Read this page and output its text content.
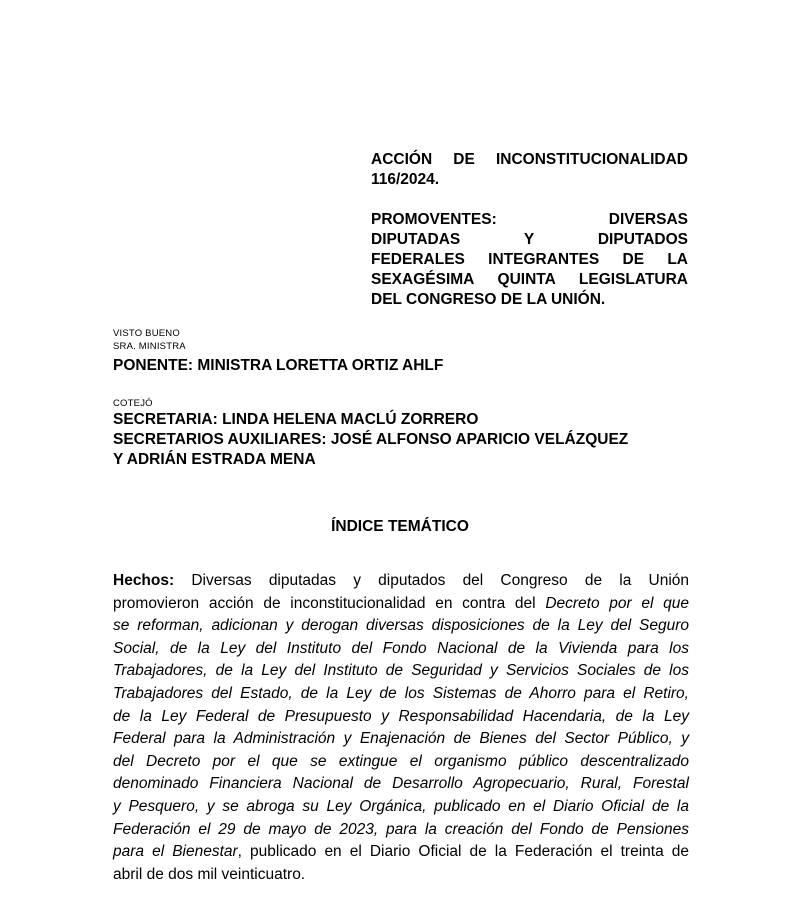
ACCIÓN DE INCONSTITUCIONALIDAD
116/2024.
PROMOVENTES: DIVERSAS
DIPUTADAS Y DIPUTADOS
FEDERALES INTEGRANTES DE LA
SEXAGÉSIMA QUINTA LEGISLATURA
DEL CONGRESO DE LA UNIÓN.
VISTO BUENO
SRA. MINISTRA
PONENTE: MINISTRA LORETTA ORTIZ AHLF
COTEJÓ
SECRETARIA: LINDA HELENA MACLÚ ZORRERO
SECRETARIOS AUXILIARES: JOSÉ ALFONSO APARICIO VELÁZQUEZ
Y ADRIÁN ESTRADA MENA
ÍNDICE TEMÁTICO
Hechos: Diversas diputadas y diputados del Congreso de la Unión
promovieron acción de inconstitucionalidad en contra del Decreto por el que
se reforman, adicionan y derogan diversas disposiciones de la Ley del Seguro
Social, de la Ley del Instituto del Fondo Nacional de la Vivienda para los
Trabajadores, de la Ley del Instituto de Seguridad y Servicios Sociales de los
Trabajadores del Estado, de la Ley de los Sistemas de Ahorro para el Retiro,
de la Ley Federal de Presupuesto y Responsabilidad Hacendaria, de la Ley
Federal para la Administración y Enajenación de Bienes del Sector Público, y
del Decreto por el que se extingue el organismo público descentralizado
denominado Financiera Nacional de Desarrollo Agropecuario, Rural, Forestal
y Pesquero, y se abroga su Ley Orgánica, publicado en el Diario Oficial de la
Federación el 29 de mayo de 2023, para la creación del Fondo de Pensiones
para el Bienestar, publicado en el Diario Oficial de la Federación el treinta de
abril de dos mil veinticuatro.
